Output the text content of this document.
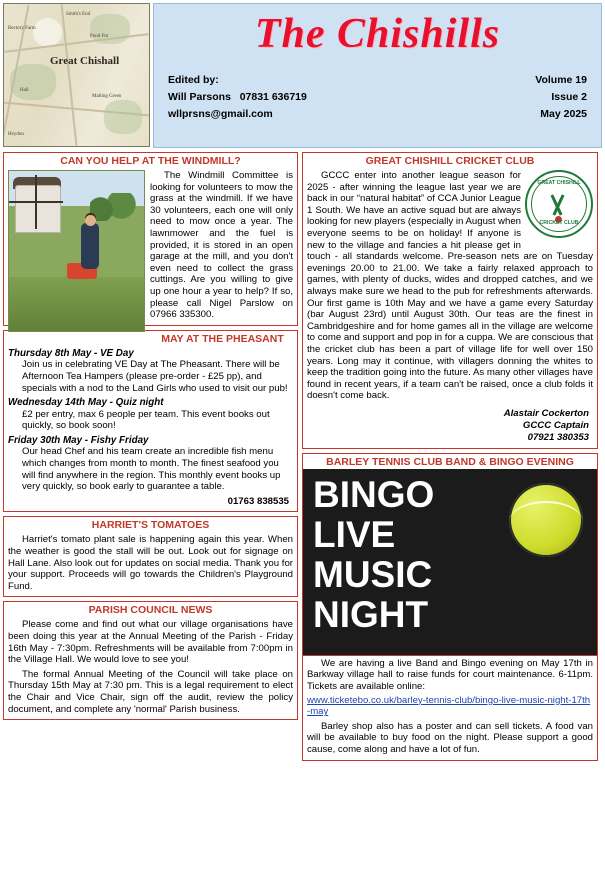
Rectory Farm
Smith's End
Pond Fm
Hall
Malting Green
Heydon
Great Chishall
The Chishills
Edited by:
Will Parsons 07831 636719
wllprsns@gmail.com
Volume 19
Issue 2
May 2025
CAN YOU HELP AT THE WINDMILL?
The Windmill Committee is looking for volunteers to mow the grass at the windmill. If we have 30 volunteers, each one will only need to mow once a year. The lawnmower and the fuel is provided, it is stored in an open garage at the mill, and you don't even need to collect the grass cuttings. Are you willing to give up one hour a year to help? If so, please call Nigel Parslow on 07966 335300.
MAY AT THE PHEASANT
Thursday 8th May - VE Day
Join us in celebrating VE Day at The Pheasant. There will be Afternoon Tea Hampers (please pre-order - £25 pp), and specials with a nod to the Land Girls who used to visit our pub!
Wednesday 14th May - Quiz night
£2 per entry, max 6 people per team. This event books out quickly, so book soon!
Friday 30th May - Fishy Friday
Our head Chef and his team create an incredible fish menu which changes from month to month. The finest seafood you will find anywhere in the region. This monthly event books up very quickly, so book early to guarantee a table.
01763 838535
HARRIET'S TOMATOES
Harriet's tomato plant sale is happening again this year. When the weather is good the stall will be out. Look out for signage on Hall Lane. Also look out for updates on social media. Thank you for your support. Proceeds will go towards the Children's Playground Fund.
PARISH COUNCIL NEWS

Please come and find out what our village organisations have been doing this year at the Annual Meeting of the Parish - Friday 16th May - 7:30pm. Refreshments will be available from 7:00pm in the Village Hall. We would love to see you!

The formal Annual Meeting of the Council will take place on Thursday 15th May at 7:30 pm. This is a legal requirement to elect the Chair and Vice Chair, sign off the audit, review the policy document, and complete any 'normal' Parish business.

GREAT CHISHILL CRICKET CLUB
GREAT CHISHILL
CRICKET CLUB
GCCC enter into another league season for 2025 - after winning the league last year we are back in our “natural habitat” of CCA Junior League 1 South. We have an active squad but are always looking for new players (especially in August when everyone seems to be on holiday! If anyone is new to the village and fancies a hit please get in touch - all standards welcome. Pre-season nets are on Tuesday evenings 20.00 to 21.00. We take a fairly relaxed approach to games, with plenty of ducks, wides and dropped catches, and we always make sure we head to the pub for refreshments afterwards. Our first game is 10th May and we have a game every Saturday (bar August 23rd) until August 30th. Our teas are the finest in Cambridgeshire and for home games all in the village are welcome to come and support and pop in for a cuppa. We are conscious that the cricket club has been a part of village life for well over 150 years. Long may it continue, with villagers donning the whites to keep the tradition going into the future. As many other villages have found in recent years, if a team can't be raised, once a club folds it doesn't come back.
Alastair Cockerton
GCCC Captain
07921 380353
BARLEY TENNIS CLUB BAND & BINGO EVENING
BINGO
LIVE
MUSIC
NIGHT

We are having a live Band and Bingo evening on May 17th in Barkway village hall to raise funds for court maintenance. 6-11pm. Tickets are available online:

www.ticketebo.co.uk/barley-tennis-club/bingo-live-music-night-17th-may

Barley shop also has a poster and can sell tickets. A food van will be available to buy food on the night. Please support a good cause, come along and have a lot of fun.
